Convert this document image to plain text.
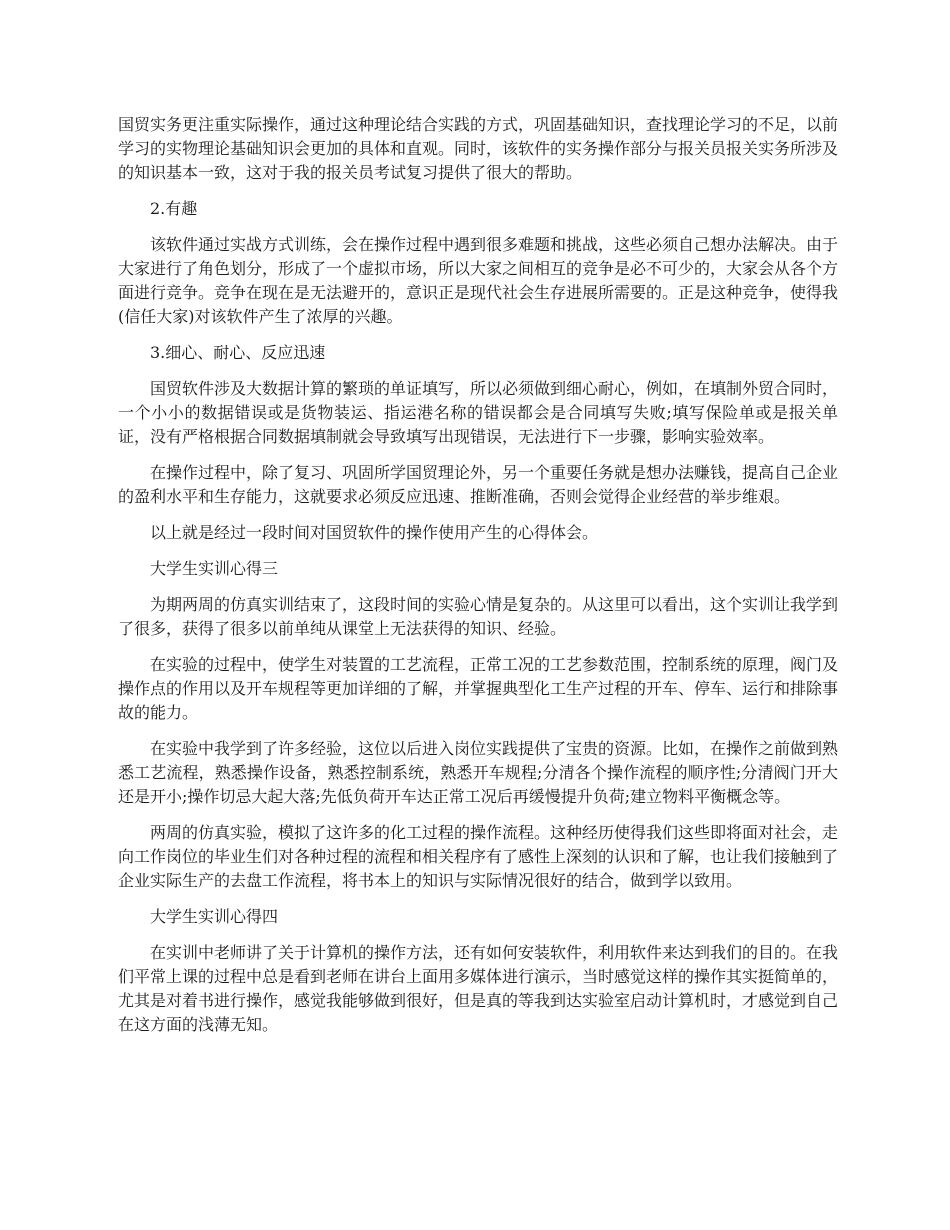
国贸实务更注重实际操作，通过这种理论结合实践的方式，巩固基础知识，查找理论学习的不足，以前学习的实物理论基础知识会更加的具体和直观。同时，该软件的实务操作部分与报关员报关实务所涉及的知识基本一致，这对于我的报关员考试复习提供了很大的帮助。

2.有趣

该软件通过实战方式训练，会在操作过程中遇到很多难题和挑战，这些必须自己想办法解决。由于大家进行了角色划分，形成了一个虚拟市场，所以大家之间相互的竞争是必不可少的，大家会从各个方面进行竞争。竞争在现在是无法避开的，意识正是现代社会生存进展所需要的。正是这种竞争，使得我(信任大家)对该软件产生了浓厚的兴趣。

3.细心、耐心、反应迅速

国贸软件涉及大数据计算的繁琐的单证填写，所以必须做到细心耐心，例如，在填制外贸合同时，一个小小的数据错误或是货物装运、指运港名称的错误都会是合同填写失败;填写保险单或是报关单证，没有严格根据合同数据填制就会导致填写出现错误，无法进行下一步骤，影响实验效率。

在操作过程中，除了复习、巩固所学国贸理论外，另一个重要任务就是想办法赚钱，提高自己企业的盈利水平和生存能力，这就要求必须反应迅速、推断准确，否则会觉得企业经营的举步维艰。

以上就是经过一段时间对国贸软件的操作使用产生的心得体会。

大学生实训心得三

为期两周的仿真实训结束了，这段时间的实验心情是复杂的。从这里可以看出，这个实训让我学到了很多，获得了很多以前单纯从课堂上无法获得的知识、经验。

在实验的过程中，使学生对装置的工艺流程，正常工况的工艺参数范围，控制系统的原理，阀门及操作点的作用以及开车规程等更加详细的了解，并掌握典型化工生产过程的开车、停车、运行和排除事故的能力。

在实验中我学到了许多经验，这位以后进入岗位实践提供了宝贵的资源。比如，在操作之前做到熟悉工艺流程，熟悉操作设备，熟悉控制系统，熟悉开车规程;分清各个操作流程的顺序性;分清阀门开大还是开小;操作切忌大起大落;先低负荷开车达正常工况后再缓慢提升负荷;建立物料平衡概念等。

两周的仿真实验，模拟了这许多的化工过程的操作流程。这种经历使得我们这些即将面对社会，走向工作岗位的毕业生们对各种过程的流程和相关程序有了感性上深刻的认识和了解，也让我们接触到了企业实际生产的去盘工作流程，将书本上的知识与实际情况很好的结合，做到学以致用。

大学生实训心得四

在实训中老师讲了关于计算机的操作方法，还有如何安装软件，利用软件来达到我们的目的。在我们平常上课的过程中总是看到老师在讲台上面用多媒体进行演示，当时感觉这样的操作其实挺简单的，尤其是对着书进行操作，感觉我能够做到很好，但是真的等我到达实验室启动计算机时，才感觉到自己在这方面的浅薄无知。
